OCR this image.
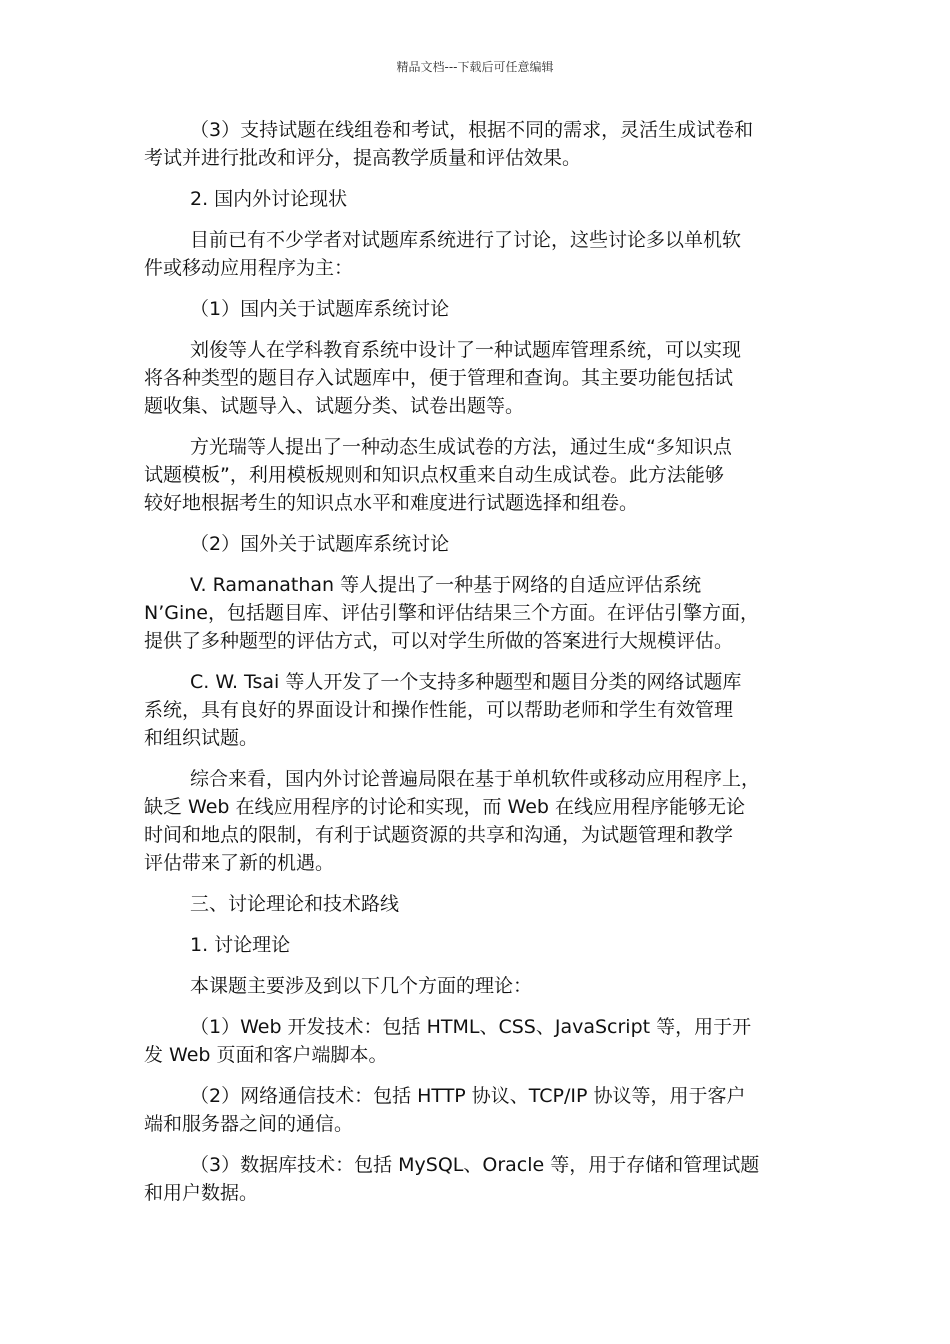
精品文档---下载后可任意编辑

（3）支持试题在线组卷和考试，根据不同的需求，灵活生成试卷和
考试并进行批改和评分，提高教学质量和评估效果。

2. 国内外讨论现状

目前已有不少学者对试题库系统进行了讨论，这些讨论多以单机软
件或移动应用程序为主：

（1）国内关于试题库系统讨论

刘俊等人在学科教育系统中设计了一种试题库管理系统，可以实现
将各种类型的题目存入试题库中，便于管理和查询。其主要功能包括试
题收集、试题导入、试题分类、试卷出题等。

方光瑞等人提出了一种动态生成试卷的方法，通过生成“多知识点
试题模板”，利用模板规则和知识点权重来自动生成试卷。此方法能够
较好地根据考生的知识点水平和难度进行试题选择和组卷。

（2）国外关于试题库系统讨论

V. Ramanathan 等人提出了一种基于网络的自适应评估系统
N’Gine，包括题目库、评估引擎和评估结果三个方面。在评估引擎方面，
提供了多种题型的评估方式，可以对学生所做的答案进行大规模评估。

C. W. Tsai 等人开发了一个支持多种题型和题目分类的网络试题库
系统，具有良好的界面设计和操作性能，可以帮助老师和学生有效管理
和组织试题。

综合来看，国内外讨论普遍局限在基于单机软件或移动应用程序上，
缺乏 Web 在线应用程序的讨论和实现，而 Web 在线应用程序能够无论
时间和地点的限制，有利于试题资源的共享和沟通，为试题管理和教学
评估带来了新的机遇。

三、讨论理论和技术路线

1. 讨论理论

本课题主要涉及到以下几个方面的理论：

（1）Web 开发技术：包括 HTML、CSS、JavaScript 等，用于开
发 Web 页面和客户端脚本。

（2）网络通信技术：包括 HTTP 协议、TCP/IP 协议等，用于客户
端和服务器之间的通信。

（3）数据库技术：包括 MySQL、Oracle 等，用于存储和管理试题
和用户数据。
